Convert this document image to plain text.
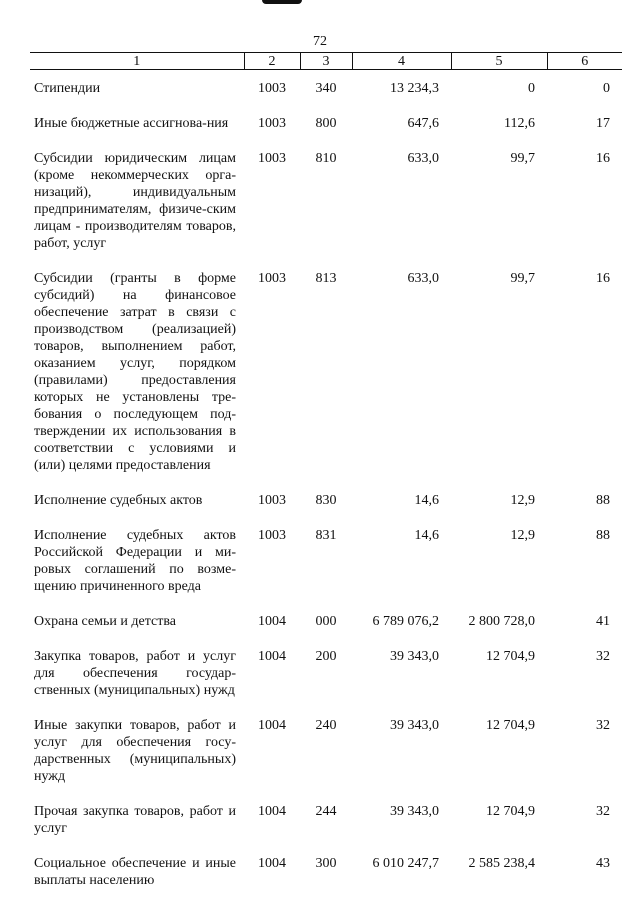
72
1	2	3	4	5	6
Стипендии	1003	340	13 234,3	0	0
Иные бюджетные ассигнова-ния	1003	800	647,6	112,6	17
Субсидии юридическим лицам (кроме некоммерческих орга-низаций), индивидуальным предпринимателям, физиче-ским лицам - производителям товаров, работ, услуг	1003	810	633,0	99,7	16
Субсидии (гранты в форме субсидий) на финансовое обеспечение затрат в связи с производством (реализацией) товаров, выполнением работ, оказанием услуг, порядком (правилами) предоставления которых не установлены тре-бования о последующем под-тверждении их использования в соответствии с условиями и (или) целями предоставления	1003	813	633,0	99,7	16
Исполнение судебных актов	1003	830	14,6	12,9	88
Исполнение судебных актов Российской Федерации и ми-ровых соглашений по возме-щению причиненного вреда	1003	831	14,6	12,9	88
Охрана семьи и детства	1004	000	6 789 076,2	2 800 728,0	41
Закупка товаров, работ и услуг для обеспечения государ-ственных (муниципальных) нужд	1004	200	39 343,0	12 704,9	32
Иные закупки товаров, работ и услуг для обеспечения госу-дарственных (муниципальных) нужд	1004	240	39 343,0	12 704,9	32
Прочая закупка товаров, работ и услуг	1004	244	39 343,0	12 704,9	32
Социальное обеспечение и иные выплаты населению	1004	300	6 010 247,7	2 585 238,4	43
